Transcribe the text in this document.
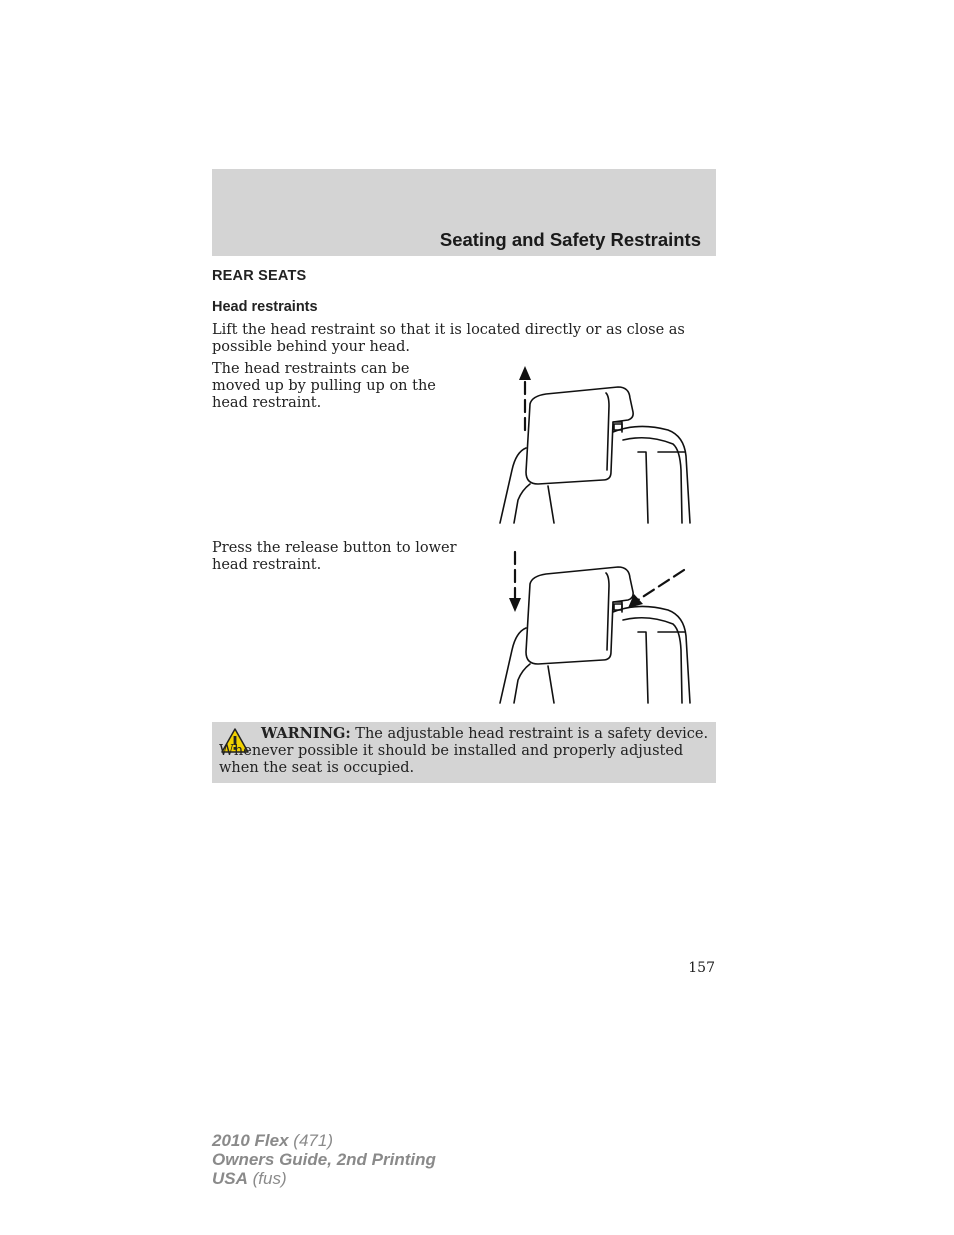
Seating and Safety Restraints
REAR SEATS
Head restraints
Lift the head restraint so that it is located directly or as close as possible behind your head.
The head restraints can be moved up by pulling up on the head restraint.
Press the release button to lower head restraint.
WARNING: The adjustable head restraint is a safety device. Whenever possible it should be installed and properly adjusted when the seat is occupied.
157
2010 Flex (471)
Owners Guide, 2nd Printing
USA (fus)
